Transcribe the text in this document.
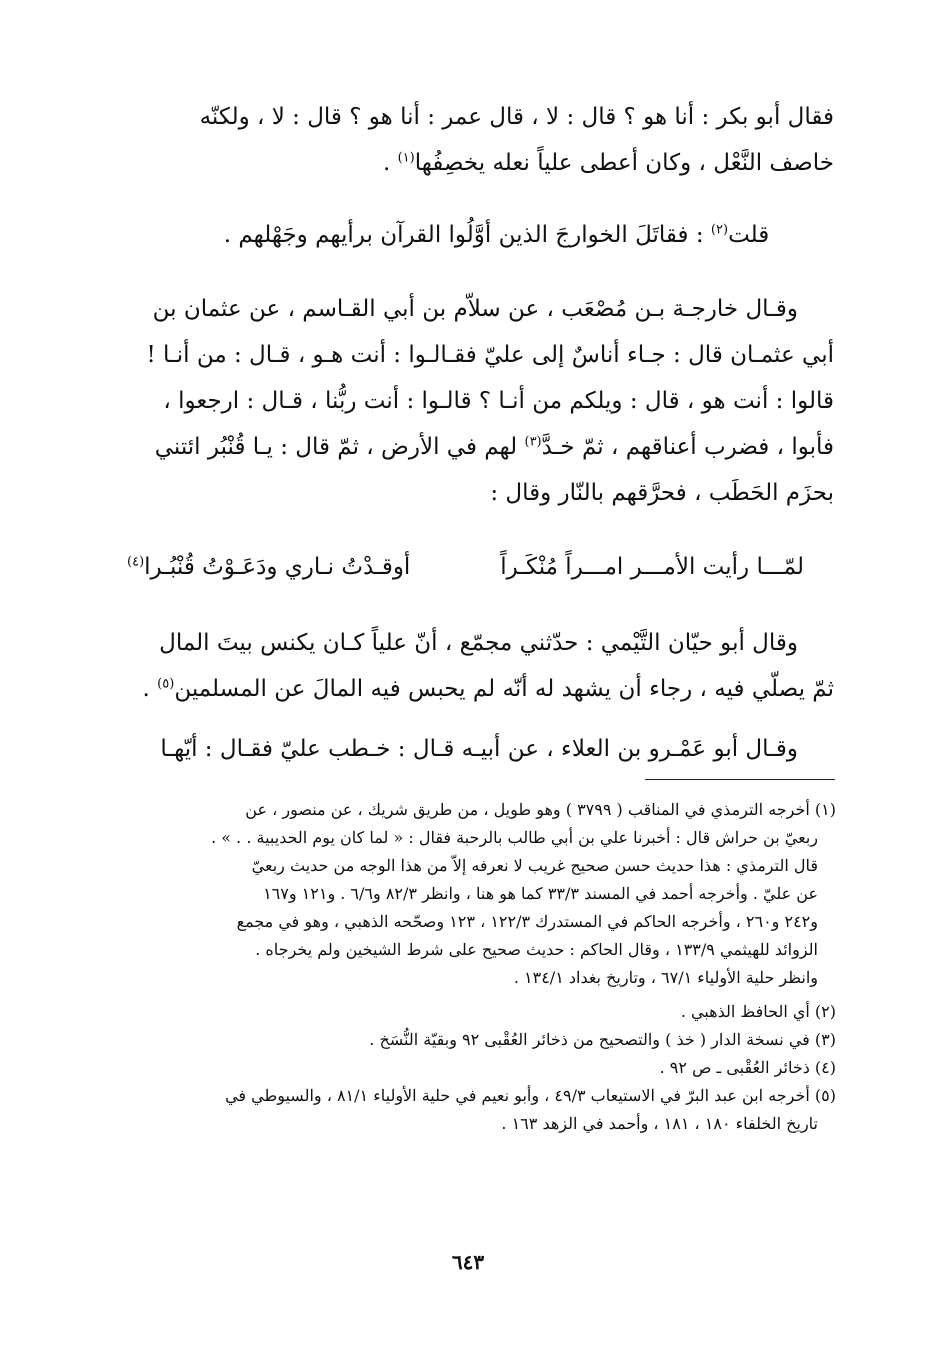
فقال أبو بكر : أنا هو ؟ قال : لا ، قال عمر : أنا هو ؟ قال : لا ، ولكنّه
خاصف النَّعْل ، وكان أعطى علياً نعله يخصِفُها$^{(١)}$ .

قلت$^{(٢)}$ : فقاتَلَ الخوارجَ الذين أوَّلُوا القرآن برأيهم وجَهْلهم .

وقـال خارجـة بـن مُصْعَب ، عن سلاّم بن أبي القـاسم ، عن عثمان بن
أبي عثمـان قال : جـاء أناسٌ إلى عليّ فقـالـوا : أنت هـو ، قـال : من أنـا !
قالوا : أنت هو ، قال : ويلكم من أنـا ؟ قالـوا : أنت ربُّنا ، قـال : ارجعوا ،
فأبوا ، فضرب أعناقهم ، ثمّ خـدَّ$^{(٣)}$ لهم في الأرض ، ثمّ قال : يـا قُنْبُر ائتني
بحزَم الحَطَب ، فحرَّقهم بالنّار وقال :

لمّـــا رأيت الأمـــر امـــراً مُنْكَـراً
أوقـدْتُ نـاري ودَعَـوْتُ قُنْبُـرا$^{(٤)}$

وقال أبو حيّان التَّيْمي : حدّثني مجمّع ، أنّ علياً كـان يكنس بيتَ المال
ثمّ يصلّي فيه ، رجاء أن يشهد له أنّه لم يحبس فيه المالَ عن المسلمين$^{(٥)}$ .

وقـال أبو عَمْـرو بن العلاء ، عن أبيـه قـال : خـطب عليّ فقـال : أيّهـا

(١) أخرجه الترمذي في المناقب ( ٣٧٩٩ ) وهو طويل ، من طريق شريك ، عن منصور ، عن
ربعيّ بن حراش قال : أخبرنا علي بن أبي طالب بالرحبة فقال : « لما كان يوم الحديبية . . » .
قال الترمذي : هذا حديث حسن صحيح غريب لا نعرفه إلاّ من هذا الوجه من حديث ربعيّ
عن عليّ . وأخرجه أحمد في المسند ٣٣/٣ كما هو هنا ، وانظر ٨٢/٣ و٦/٦ . و١٢١ و١٦٧
و٢٤٢ و٢٦٠ ، وأخرجه الحاكم في المستدرك ١٢٢/٣ ، ١٢٣ وصحّحه الذهبي ، وهو في مجمع
الزوائد للهيثمي ١٣٣/٩ ، وقال الحاكم : حديث صحيح على شرط الشيخين ولم يخرجاه .
وانظر حلية الأولياء ٦٧/١ ، وتاريخ بغداد ١٣٤/١ .

(٢) أي الحافظ الذهبي .

(٣) في نسخة الدار ( خذ ) والتصحيح من ذخائر العُقْبى ٩٢ وبقيّة النُّسَخ .

(٤) ذخائر العُقْبى ـ ص ٩٢ .

(٥) أخرجه ابن عبد البرّ في الاستيعاب ٤٩/٣ ، وأبو نعيم في حلية الأولياء ٨١/١ ، والسيوطي في
تاريخ الخلفاء ١٨٠ ، ١٨١ ، وأحمد في الزهد ١٦٣ .

٦٤٣
